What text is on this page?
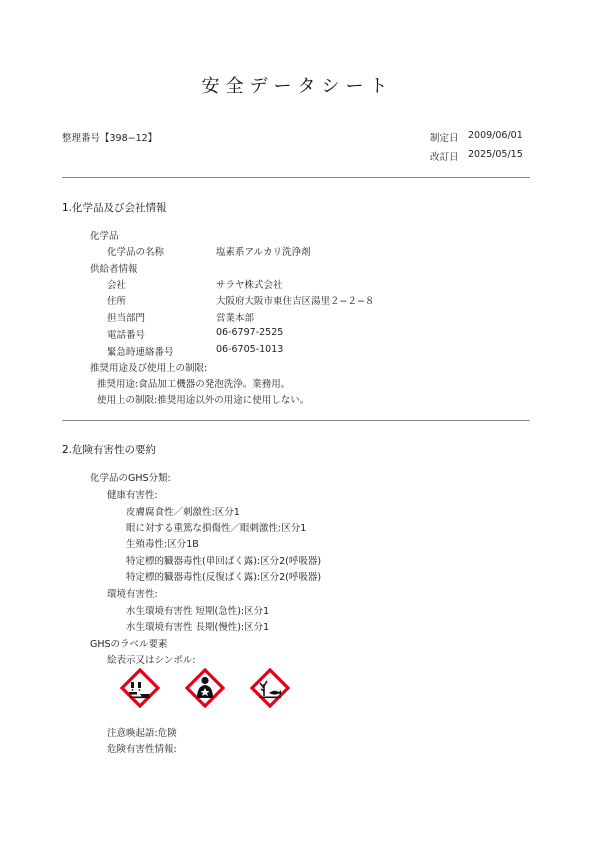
安全データシート
整理番号【398−12】	制定日 2009/06/01
改訂日 2025/05/15
1.化学品及び会社情報
化学品
化学品の名称	塩素系アルカリ洗浄剤
供給者情報
会社	サラヤ株式会社
住所	大阪府大阪市東住吉区湯里２−２−８
担当部門	営業本部
電話番号	06-6797-2525
緊急時連絡番号	06-6705-1013
推奨用途及び使用上の制限:
推奨用途:食品加工機器の発泡洗浄。業務用。
使用上の制限:推奨用途以外の用途に使用しない。
2.危険有害性の要約
化学品のGHS分類:
健康有害性:
皮膚腐食性／刺激性:区分1
眼に対する重篤な損傷性／眼刺激性:区分1
生殖毒性:区分1B
特定標的臓器毒性(単回ばく露):区分2(呼吸器)
特定標的臓器毒性(反復ばく露):区分2(呼吸器)
環境有害性:
水生環境有害性 短期(急性):区分1
水生環境有害性 長期(慢性):区分1
GHSのラベル要素
絵表示又はシンボル:
注意喚起語:危険
危険有害性情報:
